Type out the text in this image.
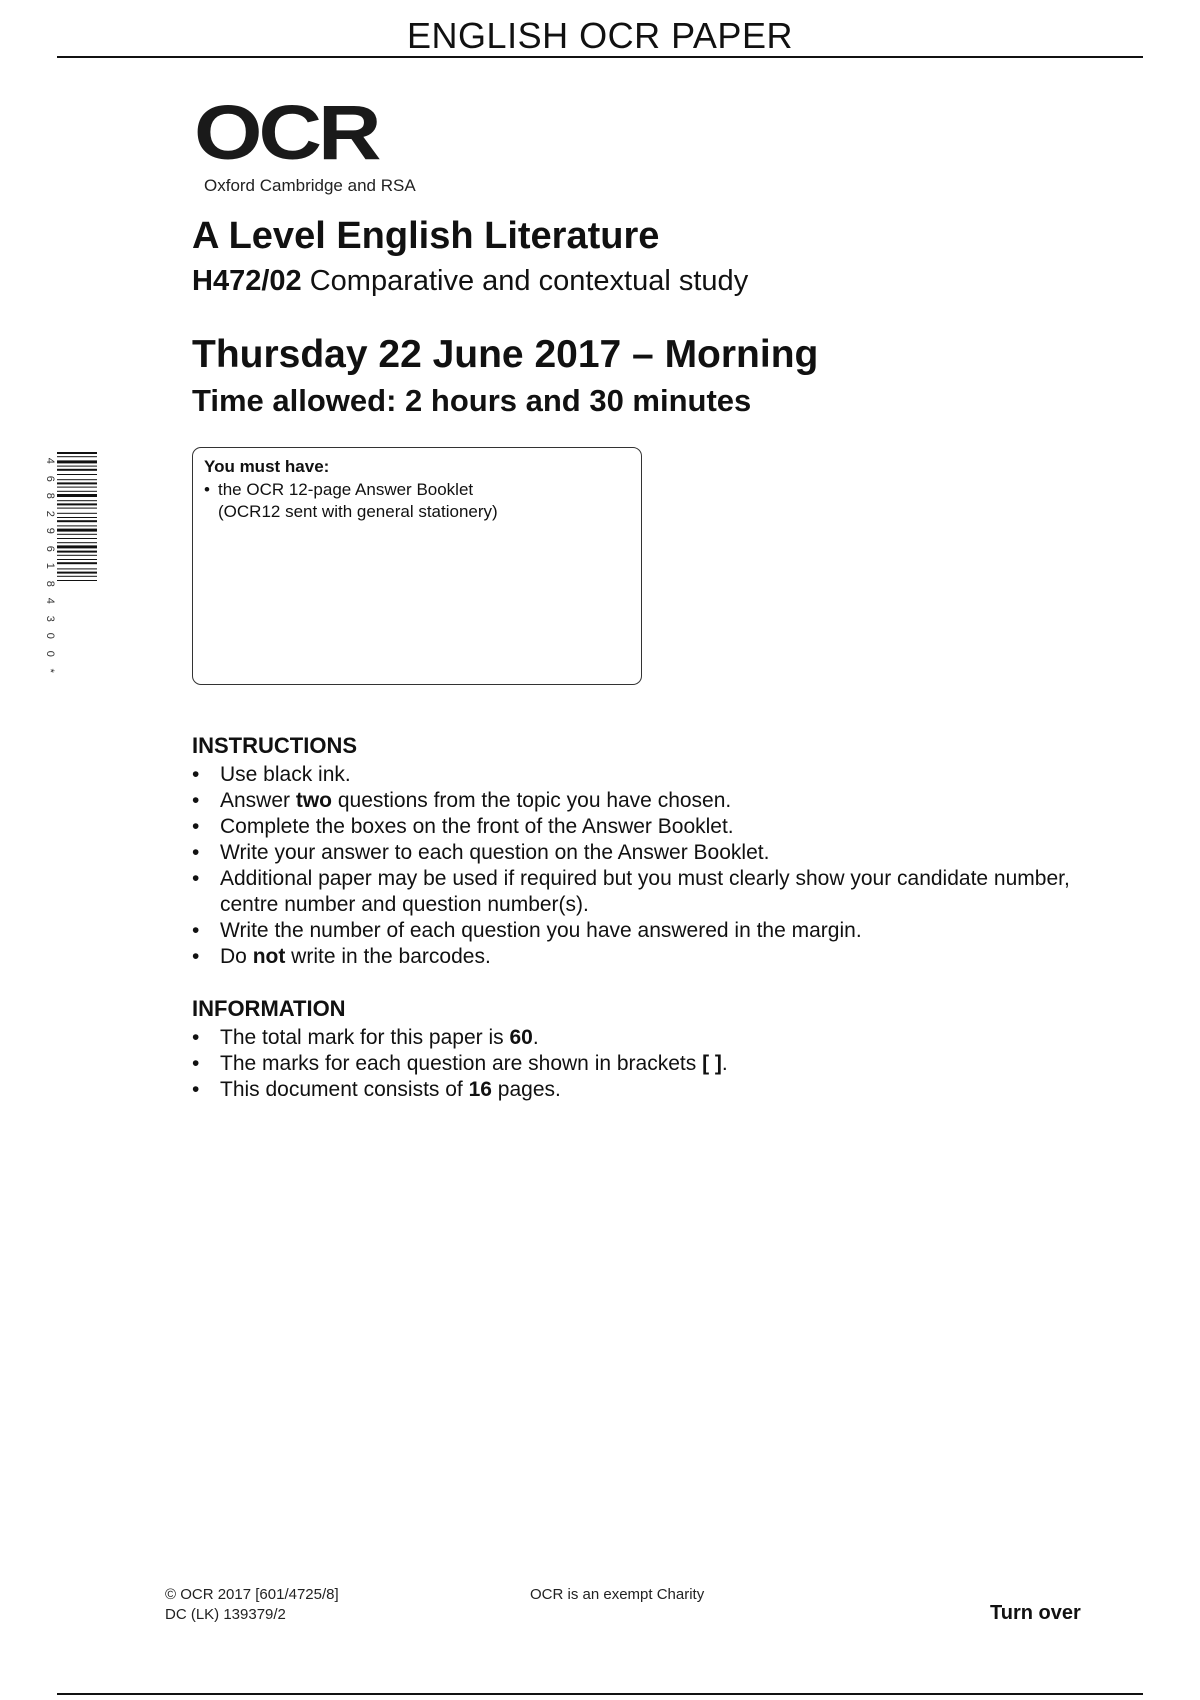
ENGLISH OCR PAPER
OCR
Oxford Cambridge and RSA
A Level English Literature
H472/02 Comparative and contextual study
Thursday 22 June 2017 – Morning
Time allowed: 2 hours and 30 minutes
4
6
8
2
9
6
1
8
4
3
0
0
*
You must have:
• the OCR 12-page Answer Booklet
(OCR12 sent with general stationery)
INSTRUCTIONS
• Use black ink.
• Answer two questions from the topic you have chosen.
• Complete the boxes on the front of the Answer Booklet.
• Write your answer to each question on the Answer Booklet.
• Additional paper may be used if required but you must clearly show your candidate number, centre number and question number(s).
• Write the number of each question you have answered in the margin.
• Do not write in the barcodes.
INFORMATION
• The total mark for this paper is 60.
• The marks for each question are shown in brackets [ ].
• This document consists of 16 pages.
© OCR 2017 [601/4725/8]
DC (LK) 139379/2
OCR is an exempt Charity
Turn over
